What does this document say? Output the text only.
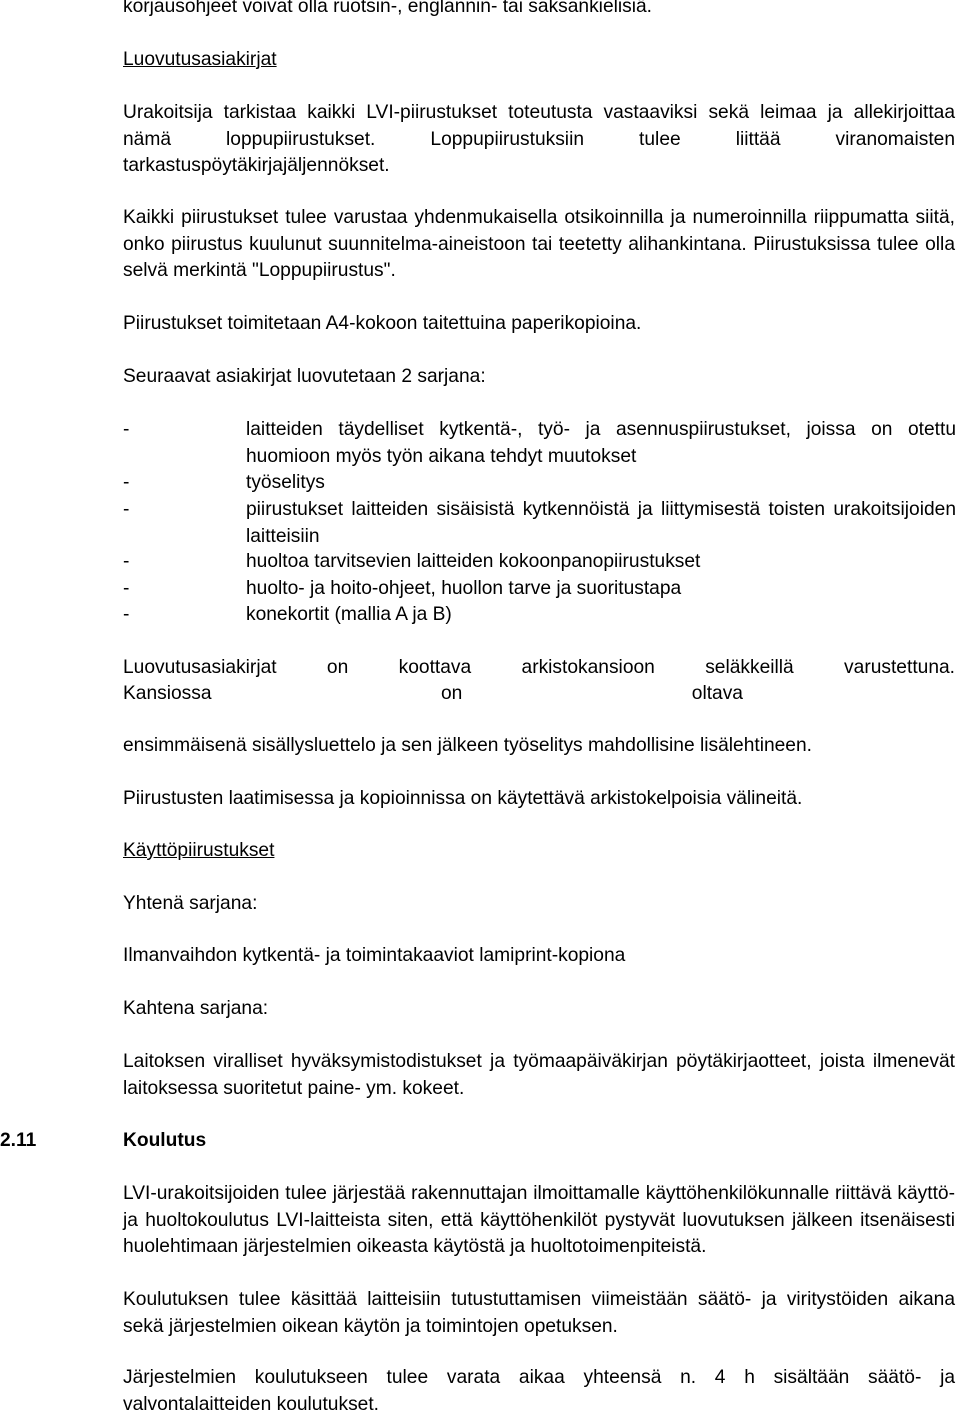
korjausohjeet voivat olla ruotsin-, englannin- tai saksankielisiä.

Luovutusasiakirjat

Urakoitsija tarkistaa kaikki LVI-piirustukset toteutusta vastaaviksi sekä leimaa ja allekirjoittaa nämä loppupiirustukset. Loppupiirustuksiin tulee liittää viranomaisten tarkastuspöytäkirjajäljennökset.

Kaikki piirustukset tulee varustaa yhdenmukaisella otsikoinnilla ja numeroinnilla riippumatta siitä, onko piirustus kuulunut suunnitelma-aineistoon tai teetetty alihankintana. Piirustuksissa tulee olla selvä merkintä "Loppupiirustus".

Piirustukset toimitetaan A4-kokoon taitettuina paperikopioina.

Seuraavat asiakirjat luovutetaan 2 sarjana:

-	laitteiden täydelliset kytkentä-, työ- ja asennuspiirustukset, joissa on otettu huomioon myös työn aikana tehdyt muutokset

-	työselitys

-	piirustukset laitteiden sisäisistä kytkennöistä ja liittymisestä toisten urakoitsijoiden laitteisiin

-	huoltoa tarvitsevien laitteiden kokoonpanopiirustukset

-	huolto- ja hoito-ohjeet, huollon tarve ja suoritustapa

-	konekortit (mallia A ja B)

Luovutusasiakirjat on koottava arkistokansioon seläkkeillä varustettuna.

Kansiossa	on	oltava

ensimmäisenä sisällysluettelo ja sen jälkeen työselitys mahdollisine lisälehtineen.

Piirustusten laatimisessa ja kopioinnissa on käytettävä arkistokelpoisia välineitä.

Käyttöpiirustukset

Yhtenä sarjana:

Ilmanvaihdon kytkentä- ja toimintakaaviot lamiprint-kopiona

Kahtena sarjana:

Laitoksen viralliset hyväksymistodistukset ja työmaapäiväkirjan pöytäkirjaotteet, joista ilmenevät laitoksessa suoritetut paine- ym. kokeet.

2.11	Koulutus

LVI-urakoitsijoiden tulee järjestää rakennuttajan ilmoittamalle käyttöhenkilökunnalle riittävä käyttö- ja huoltokoulutus LVI-laitteista siten, että käyttöhenkilöt pystyvät luovutuksen jälkeen itsenäisesti huolehtimaan järjestelmien oikeasta käytöstä ja huoltotoimenpiteistä.

Koulutuksen tulee käsittää laitteisiin tutustuttamisen viimeistään säätö- ja viritystöiden aikana sekä järjestelmien oikean käytön ja toimintojen opetuksen.

Järjestelmien koulutukseen tulee varata aikaa yhteensä n. 4 h sisältään säätö- ja valvontalaitteiden koulutukset.
